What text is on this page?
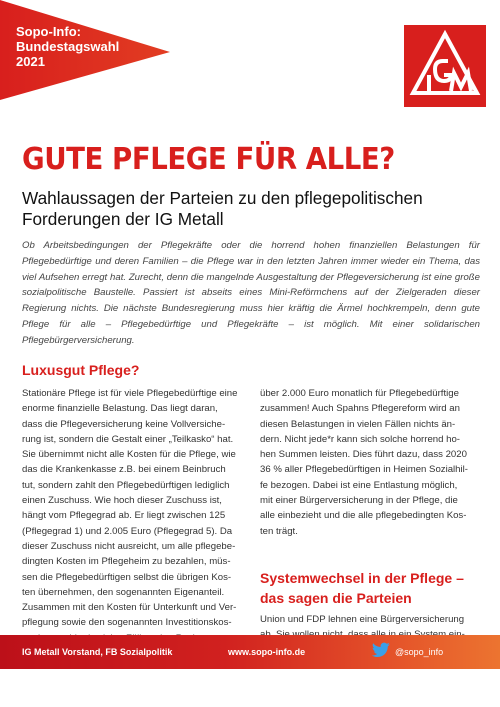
Sopo-Info:
Bundestagswahl
2021
GUTE PFLEGE FÜR ALLE?
Wahlaussagen der Parteien zu den pflegepolitischen Forderungen der IG Metall

Ob Arbeitsbedingungen der Pflegekräfte oder die horrend hohen finanziellen Belastungen für Pflegebedürftige und deren Familien – die Pflege war in den letzten Jahren immer wieder ein Thema, das viel Aufsehen erregt hat. Zurecht, denn die mangelnde Ausgestaltung der Pflegeversicherung ist eine große sozialpolitische Baustelle. Passiert ist abseits eines Mini-Reförmchens auf der Zielgeraden dieser Regierung nichts. Die nächste Bundesregierung muss hier kräftig die Ärmel hochkrempeln, denn gute Pflege für alle – Pflegebedürftige und Pflegekräfte – ist möglich. Mit einer solidarischen Pflegebürgerversicherung.

Luxusgut Pflege?

Stationäre Pflege ist für viele Pflegebedürftige eine
enorme finanzielle Belastung. Das liegt daran,
dass die Pflegeversicherung keine Vollversiche-
rung ist, sondern die Gestalt einer „Teilkasko“ hat.
Sie übernimmt nicht alle Kosten für die Pflege, wie
das die Krankenkasse z.B. bei einem Beinbruch
tut, sondern zahlt den Pflegebedürftigen lediglich
einen Zuschuss. Wie hoch dieser Zuschuss ist,
hängt vom Pflegegrad ab. Er liegt zwischen 125
(Pflegegrad 1) und 2.005 Euro (Pflegegrad 5). Da
dieser Zuschuss nicht ausreicht, um alle pflegebe-
dingten Kosten im Pflegeheim zu bezahlen, müs-
sen die Pflegebedürftigen selbst die übrigen Kos-
ten übernehmen, den sogenannten Eigenanteil.
Zusammen mit den Kosten für Unterkunft und Ver-
pflegung sowie den sogenannten Investitionskos-

über 2.000 Euro monatlich für Pflegebedürftige
zusammen! Auch Spahns Pflegereform wird an
diesen Belastungen in vielen Fällen nichts än-
dern. Nicht jede*r kann sich solche horrend ho-
hen Summen leisten. Dies führt dazu, dass 2020
36 % aller Pflegebedürftigen in Heimen Sozialhil-
fe bezogen. Dabei ist eine Entlastung möglich,
mit einer Bürgerversicherung in der Pflege, die
alle einbezieht und die alle pflegebedingten Kos-
ten trägt.

Systemwechsel in der Pflege –
das sagen die Parteien

Union und FDP lehnen eine Bürgerversicherung

IG Metall Vorstand, FB Sozialpolitik	www.sopo-info.de	@sopo_info
